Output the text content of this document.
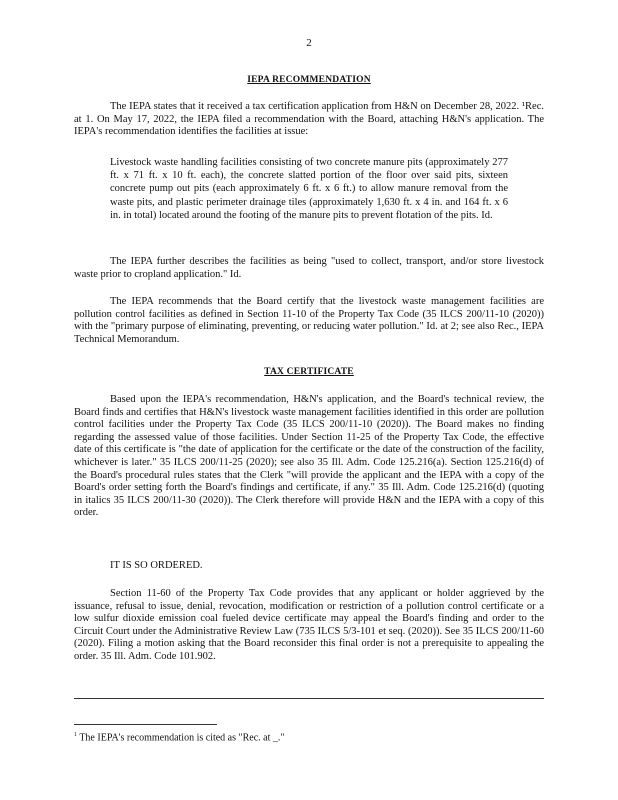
2
IEPA RECOMMENDATION

The IEPA states that it received a tax certification application from H&N on December 28, 2022. ¹Rec. at 1. On May 17, 2022, the IEPA filed a recommendation with the Board, attaching H&N's application. The IEPA's recommendation identifies the facilities at issue:

Livestock waste handling facilities consisting of two concrete manure pits (approximately 277 ft. x 71 ft. x 10 ft. each), the concrete slatted portion of the floor over said pits, sixteen concrete pump out pits (each approximately 6 ft. x 6 ft.) to allow manure removal from the waste pits, and plastic perimeter drainage tiles (approximately 1,630 ft. x 4 in. and 164 ft. x 6 in. in total) located around the footing of the manure pits to prevent flotation of the pits. Id.

The IEPA further describes the facilities as being "used to collect, transport, and/or store livestock waste prior to cropland application." Id.

The IEPA recommends that the Board certify that the livestock waste management facilities are pollution control facilities as defined in Section 11-10 of the Property Tax Code (35 ILCS 200/11-10 (2020)) with the "primary purpose of eliminating, preventing, or reducing water pollution." Id. at 2; see also Rec., IEPA Technical Memorandum.

TAX CERTIFICATE

Based upon the IEPA's recommendation, H&N's application, and the Board's technical review, the Board finds and certifies that H&N's livestock waste management facilities identified in this order are pollution control facilities under the Property Tax Code (35 ILCS 200/11-10 (2020)). The Board makes no finding regarding the assessed value of those facilities. Under Section 11-25 of the Property Tax Code, the effective date of this certificate is "the date of application for the certificate or the date of the construction of the facility, whichever is later." 35 ILCS 200/11-25 (2020); see also 35 Ill. Adm. Code 125.216(a). Section 125.216(d) of the Board's procedural rules states that the Clerk "will provide the applicant and the IEPA with a copy of the Board's order setting forth the Board's findings and certificate, if any." 35 Ill. Adm. Code 125.216(d) (quoting in italics 35 ILCS 200/11-30 (2020)). The Clerk therefore will provide H&N and the IEPA with a copy of this order.

IT IS SO ORDERED.

Section 11-60 of the Property Tax Code provides that any applicant or holder aggrieved by the issuance, refusal to issue, denial, revocation, modification or restriction of a pollution control certificate or a low sulfur dioxide emission coal fueled device certificate may appeal the Board's finding and order to the Circuit Court under the Administrative Review Law (735 ILCS 5/3-101 et seq. (2020)). See 35 ILCS 200/11-60 (2020). Filing a motion asking that the Board reconsider this final order is not a prerequisite to appealing the order. 35 Ill. Adm. Code 101.902.

$^1$ The IEPA's recommendation is cited as "Rec. at _."
